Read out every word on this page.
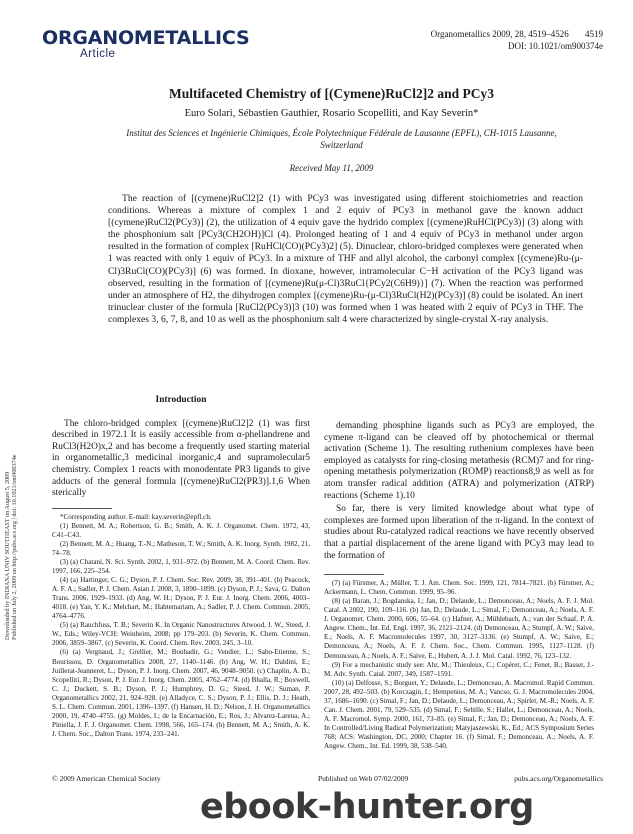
ORGANOMETALLICS
Article
Organometallics 2009, 28, 4519–4526 4519
DOI: 10.1021/om900374e
Multifaceted Chemistry of [(Cymene)RuCl2]2 and PCy3
Euro Solari, Sébastien Gauthier, Rosario Scopelliti, and Kay Severin*
Institut des Sciences et Ingénierie Chimiques, École Polytechnique Fédérale de Lausanne (EPFL), CH-1015 Lausanne, Switzerland
Received May 11, 2009

The reaction of [(cymene)RuCl2]2 (1) with PCy3 was investigated using different stoichiometries and reaction conditions. Whereas a mixture of complex 1 and 2 equiv of PCy3 in methanol gave the known adduct [(cymene)RuCl2(PCy3)] (2), the utilization of 4 equiv gave the hydrido complex [(cymene)RuHCl(PCy3)] (3) along with the phosphonium salt [PCy3(CH2OH)]Cl (4). Prolonged heating of 1 and 4 equiv of PCy3 in methanol under argon resulted in the formation of complex [RuHCl(CO)(PCy3)2] (5). Dinuclear, chloro-bridged complexes were generated when 1 was reacted with only 1 equiv of PCy3. In a mixture of THF and allyl alcohol, the carbonyl complex [(cymene)Ru-(μ-Cl)3RuCl(CO)(PCy3)] (6) was formed. In dioxane, however, intramolecular C−H activation of the PCy3 ligand was observed, resulting in the formation of [(cymene)Ru(μ-Cl)3RuCl{PCy2(C6H9)}] (7). When the reaction was performed under an atmosphere of H2, the dihydrogen complex [(cymene)Ru-(μ-Cl)3RuCl(H2)(PCy3)] (8) could be isolated. An inert trinuclear cluster of the formula [RuCl2(PCy3)]3 (10) was formed when 1 was heated with 2 equiv of PCy3 in THF. The complexes 3, 6, 7, 8, and 10 as well as the phosphonium salt 4 were characterized by single-crystal X-ray analysis.

Downloaded by INDIANA UNIV SOUTHEAST on August 5, 2009 Published on July 2, 2009 on http://pubs.acs.org | doi: 10.1021/om900374e
Introduction

The chloro-bridged complex [(cymene)RuCl2]2 (1) was first described in 1972.1 It is easily accessible from α-phellandrene and RuCl3(H2O)x,2 and has become a frequently used starting material in organometallic,3 medicinal inorganic,4 and supramolecular5 chemistry. Complex 1 reacts with monodentate PR3 ligands to give adducts of the general formula [(cymene)RuCl2(PR3)].1,6 When sterically

*Corresponding author. E-mail: kay.severin@epfl.ch.

(1) Bennett, M. A.; Robertson, G. B.; Smith, A. K. J. Organomet. Chem. 1972, 43, C41–C43.

(2) Bennett, M. A.; Huang, T.-N.; Matheson, T. W.; Smith, A. K. Inorg. Synth. 1982, 21, 74–78.

(3) (a) Chatani, N. Sci. Synth. 2002, 1, 931–972. (b) Bennett, M. A. Coord. Chem. Rev. 1997, 166, 225–254.

(4) (a) Hartinger, C. G.; Dyson, P. J. Chem. Soc. Rev. 2009, 38, 391–401. (b) Peacock, A. F. A.; Sadler, P. J. Chem. Asian J. 2008, 3, 1890–1899. (c) Dyson, P. J.; Sava, G. Dalton Trans. 2006, 1929–1933. (d) Ang, W. H.; Dyson, P. J. Eur. J. Inorg. Chem. 2006, 4003–4018. (e) Yan, Y. K.; Melchart, M.; Habtemariam, A.; Sadler, P. J. Chem. Commun. 2005, 4764–4776.

(5) (a) Rauchfuss, T. B.; Severin K. In Organic Nanostructures Atwood, J. W., Steed, J. W., Eds.; Wiley-VCH: Weinheim, 2008; pp 179–203. (b) Severin, K. Chem. Commun. 2006, 3859–3867. (c) Severin, K. Coord. Chem. Rev. 2003, 245, 3–10.

(6) (a) Vergnaud, J.; Grellier, M.; Bouhadir, G.; Vendier, L.; Sabo-Etienne, S.; Bourissou, D. Organometallics 2008, 27, 1140–1146. (b) Ang, W. H.; Daldini, E.; Juillerat-Jeanneret, L.; Dyson, P. J. Inorg. Chem. 2007, 46, 9048–9050. (c) Chaplin, A. B.; Scopelliti, R.; Dyson, P. J. Eur. J. Inorg. Chem. 2005, 4762–4774. (d) Bhalla, R.; Boxwell, C. J.; Duckett, S. B.; Dyson, P. J.; Humphrey, D. G.; Steed, J. W.; Suman, P. Organometallics 2002, 21, 924–928. (e) Alladyce, C. S.; Dyson, P. J.; Ellis, D. J.; Heath, S. L. Chem. Commun. 2001, 1396–1397. (f) Hansen, H. D.; Nelson, J. H. Organometallics 2000, 19, 4740–4755. (g) Moldes, I.; de la Encarnación, E.; Ros, J.; Alvarez-Larena, A.; Piniella, J. F. J. Organomet. Chem. 1998, 566, 165–174. (h) Bennett, M. A.; Smith, A. K. J. Chem. Soc., Dalton Trans. 1974, 233–241.

demanding phosphine ligands such as PCy3 are employed, the cymene π-ligand can be cleaved off by photochemical or thermal activation (Scheme 1). The resulting ruthenium complexes have been employed as catalysts for ring-closing metathesis (RCM)7 and for ring-opening metathesis polymerization (ROMP) reactions8,9 as well as for atom transfer radical addition (ATRA) and polymerization (ATRP) reactions (Scheme 1).10

So far, there is very limited knowledge about what type of complexes are formed upon liberation of the π-ligand. In the context of studies about Ru-catalyzed radical reactions we have recently observed that a partial displacement of the arene ligand with PCy3 may lead to the formation of

(7) (a) Fürstner, A.; Müller, T. J. Am. Chem. Soc. 1999, 121, 7814–7821. (b) Fürstner, A.; Ackermann, L. Chem. Commun. 1999, 95–96.

(8) (a) Baran, J.; Bogdanska, I.; Jan, D.; Delaude, L.; Demonceau, A.; Noels, A. F. J. Mol. Catal. A 2002, 190, 109–116. (b) Jan, D.; Delaude, L.; Simal, F.; Demonceau, A.; Noels, A. F. J. Organomet. Chem. 2000, 606, 55–64. (c) Hafner, A.; Mühlebach, A.; van der Schaaf, P. A. Angew. Chem., Int. Ed. Engl. 1997, 36, 2121–2124. (d) Demonceau, A.; Stumpf, A. W.; Saive, E.; Noels, A. F. Macromolecules 1997, 30, 3127–3136. (e) Stumpf, A. W.; Saive, E.; Demonceau, A.; Noels, A. F. J. Chem. Soc., Chem. Commun. 1995, 1127–1128. (f) Demonceau, A.; Noels, A. F.; Saive, E.; Hubert, A. J. J. Mol. Catal. 1992, 76, 123–132.

(9) For a mechanistic study see: Ahr, M.; Thieuleux, C.; Copéret, C.; Fenet, B.; Basset, J.-M. Adv. Synth. Catal. 2007, 349, 1587–1591.

(10) (a) Delfosse, S.; Borguet, Y.; Delaude, L.; Demonceau, A. Macromol. Rapid Commun. 2007, 28, 492–503. (b) Korczagin, I.; Hempenius, M. A.; Vancso, G. J. Macromolecules 2004, 37, 1686–1690. (c) Simal, F.; Jan, D.; Delaude, L.; Demonceau, A.; Spirlet, M.-R.; Noels, A. F. Can. J. Chem. 2001, 79, 529–535. (d) Simal, F.; Sebille, S.; Hallet, L.; Demonceau, A.; Noels, A. F. Macromol. Symp. 2000, 161, 73–85. (e) Simal, F.; Jan, D.; Demonceau, A.; Noels, A. F. In Controlled/Living Radical Polymerization; Matyjaszewski, K., Ed.; ACS Symposium Series 768; ACS: Washington, DC, 2000; Chapter 16. (f) Simal, F.; Demonceau, A.; Noels, A. F. Angew. Chem., Int. Ed. 1999, 38, 538–540.

© 2009 American Chemical Society	Published on Web 07/02/2009	pubs.acs.org/Organometallics
ebook-hunter.org
